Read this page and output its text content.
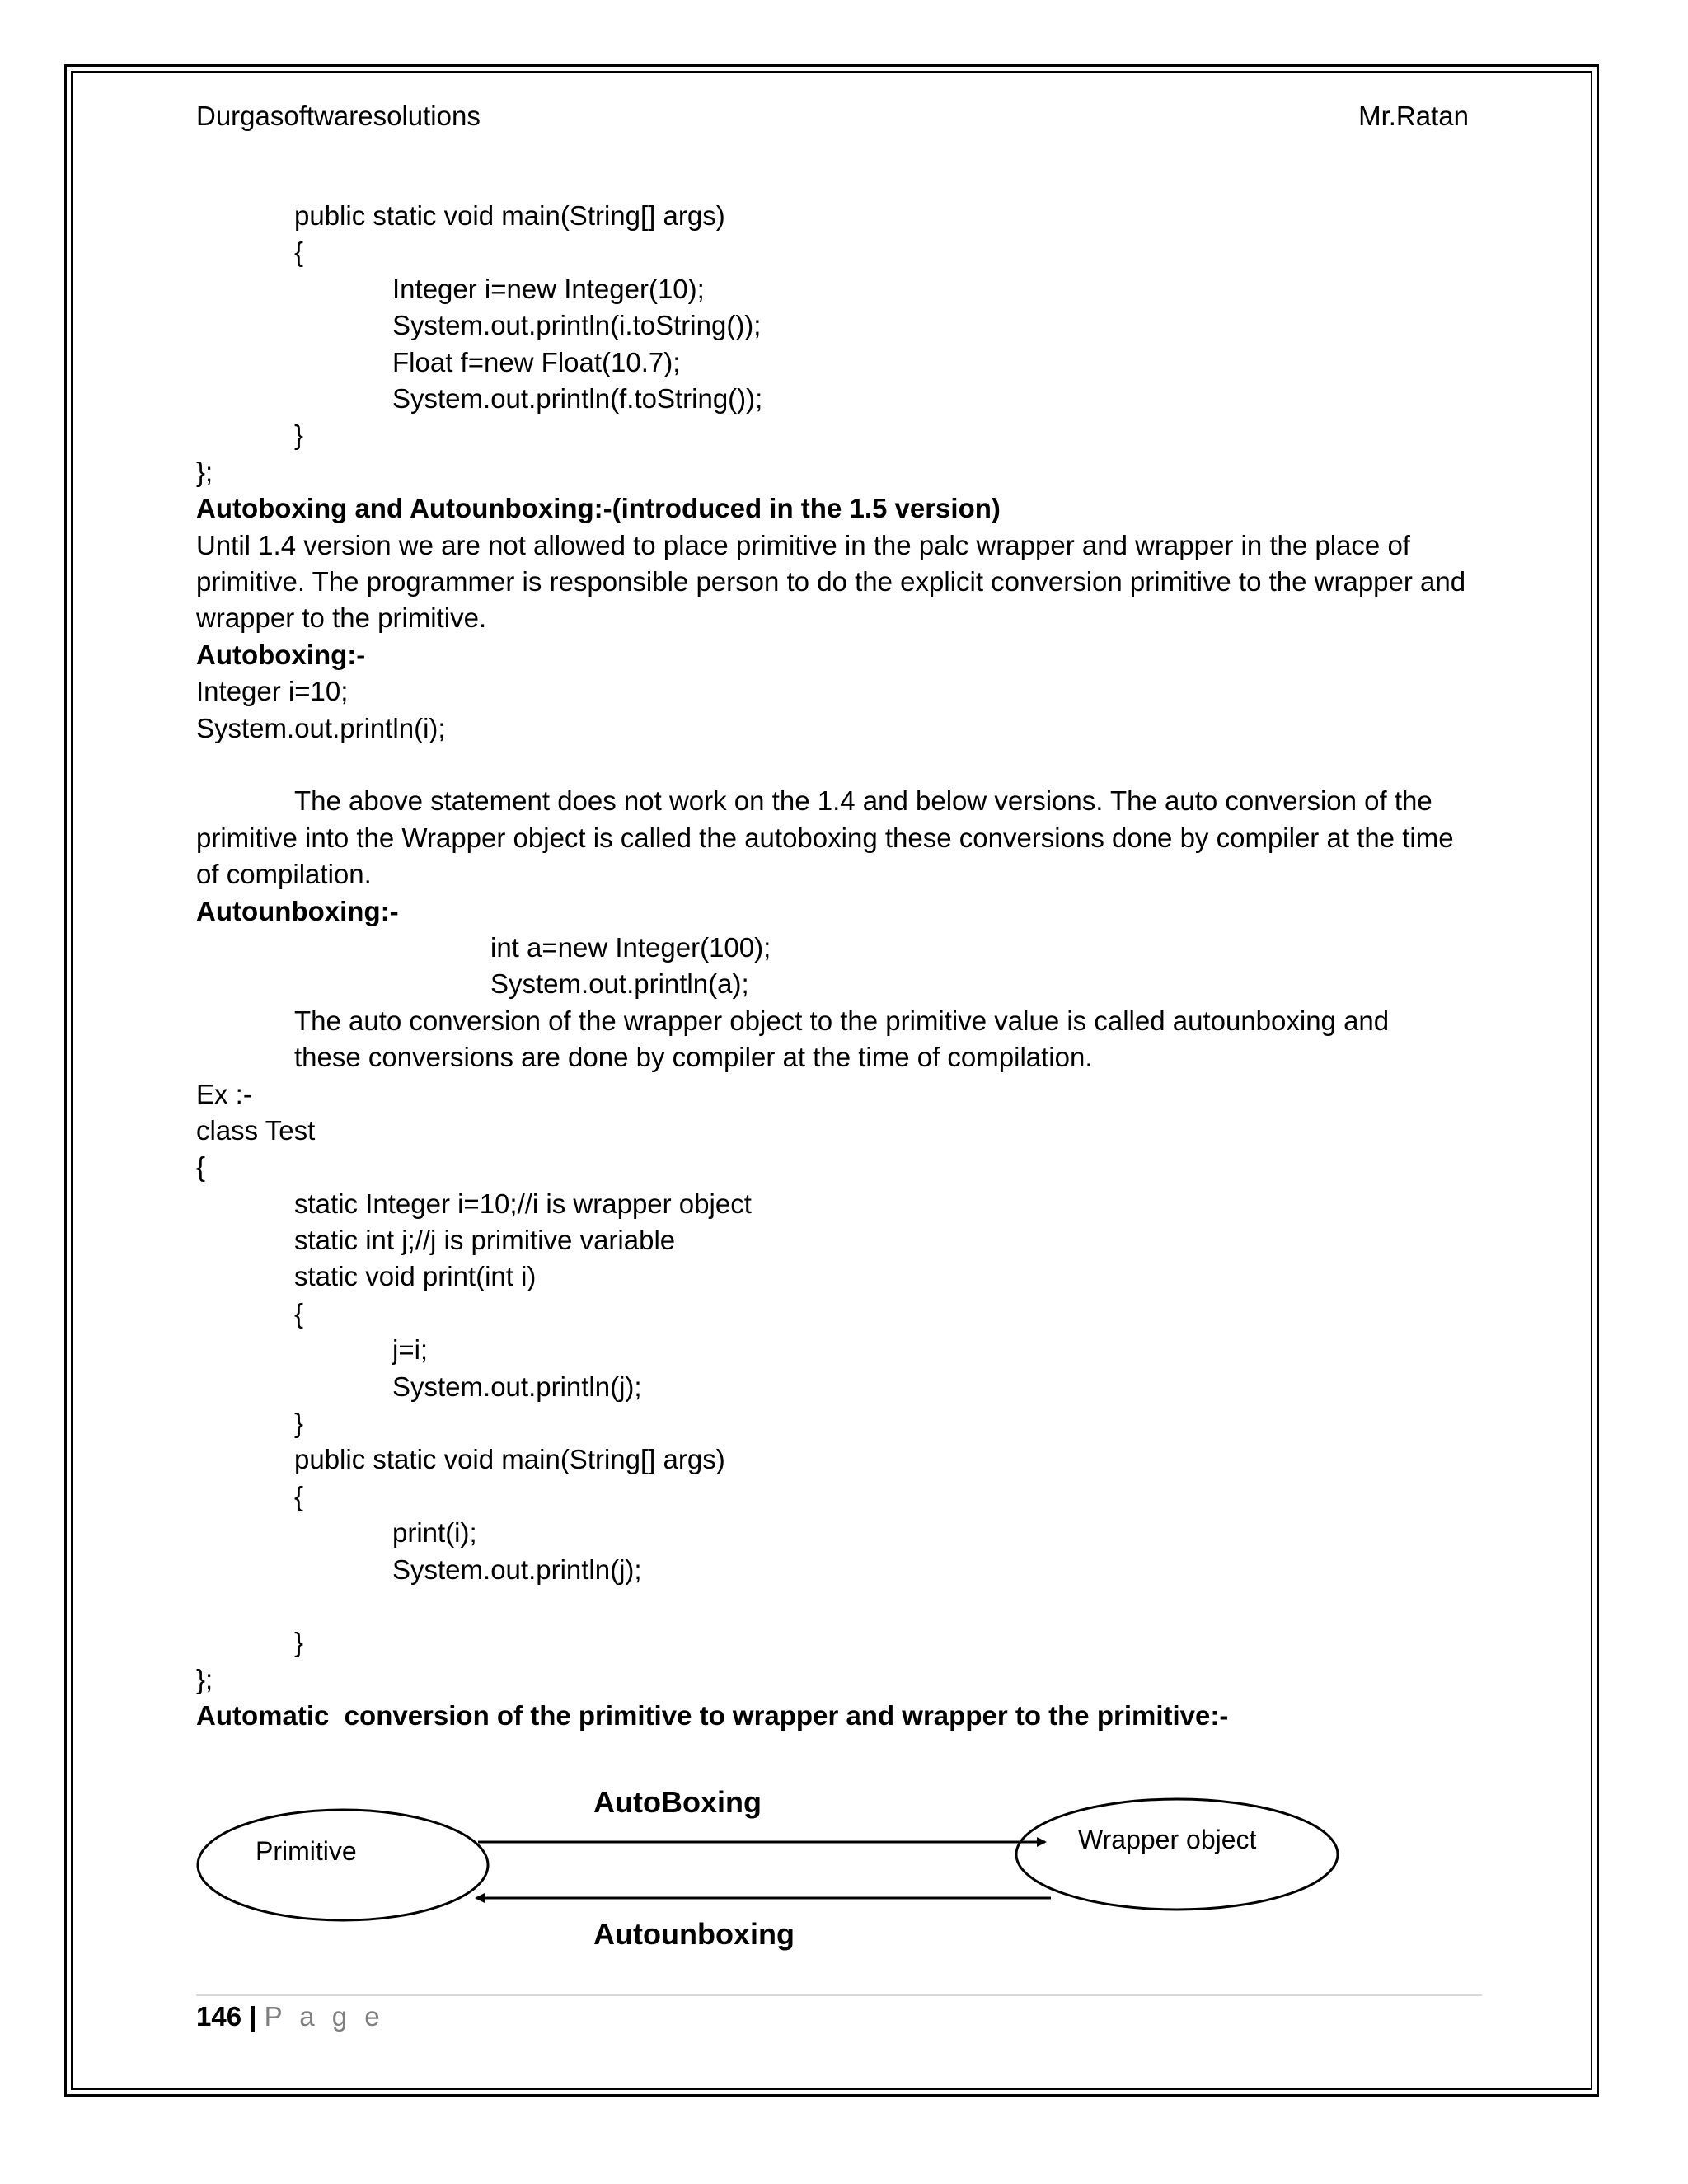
Durgasoftwaresolutions	Mr.Ratan
public static void main(String[] args)
{
Integer i=new Integer(10);
System.out.println(i.toString());
Float f=new Float(10.7);
System.out.println(f.toString());
}
};
Autoboxing and Autounboxing:-(introduced in the 1.5 version)
Until 1.4 version we are not allowed to place primitive in the palc wrapper and wrapper in the place of primitive. The programmer is responsible person to do the explicit conversion primitive to the wrapper and wrapper to the primitive.
Autoboxing:-
Integer i=10;
System.out.println(i);
The above statement does not work on the 1.4 and below versions. The auto conversion of the primitive into the Wrapper object is called the autoboxing these conversions done by compiler at the time of compilation.
Autounboxing:-
int a=new Integer(100);
System.out.println(a);
The auto conversion of the wrapper object to the primitive value is called autounboxing and these conversions are done by compiler at the time of compilation.
Ex :-
class Test
{
static Integer i=10;//i is wrapper object
static int j;//j is primitive variable
static void print(int i)
{
j=i;
System.out.println(j);
}
public static void main(String[] args)
{
print(i);
System.out.println(j);
}
};
Automatic  conversion of the primitive to wrapper and wrapper to the primitive:-
AutoBoxing
Autounboxing
Primitive	Wrapper object
146 | P a g e
